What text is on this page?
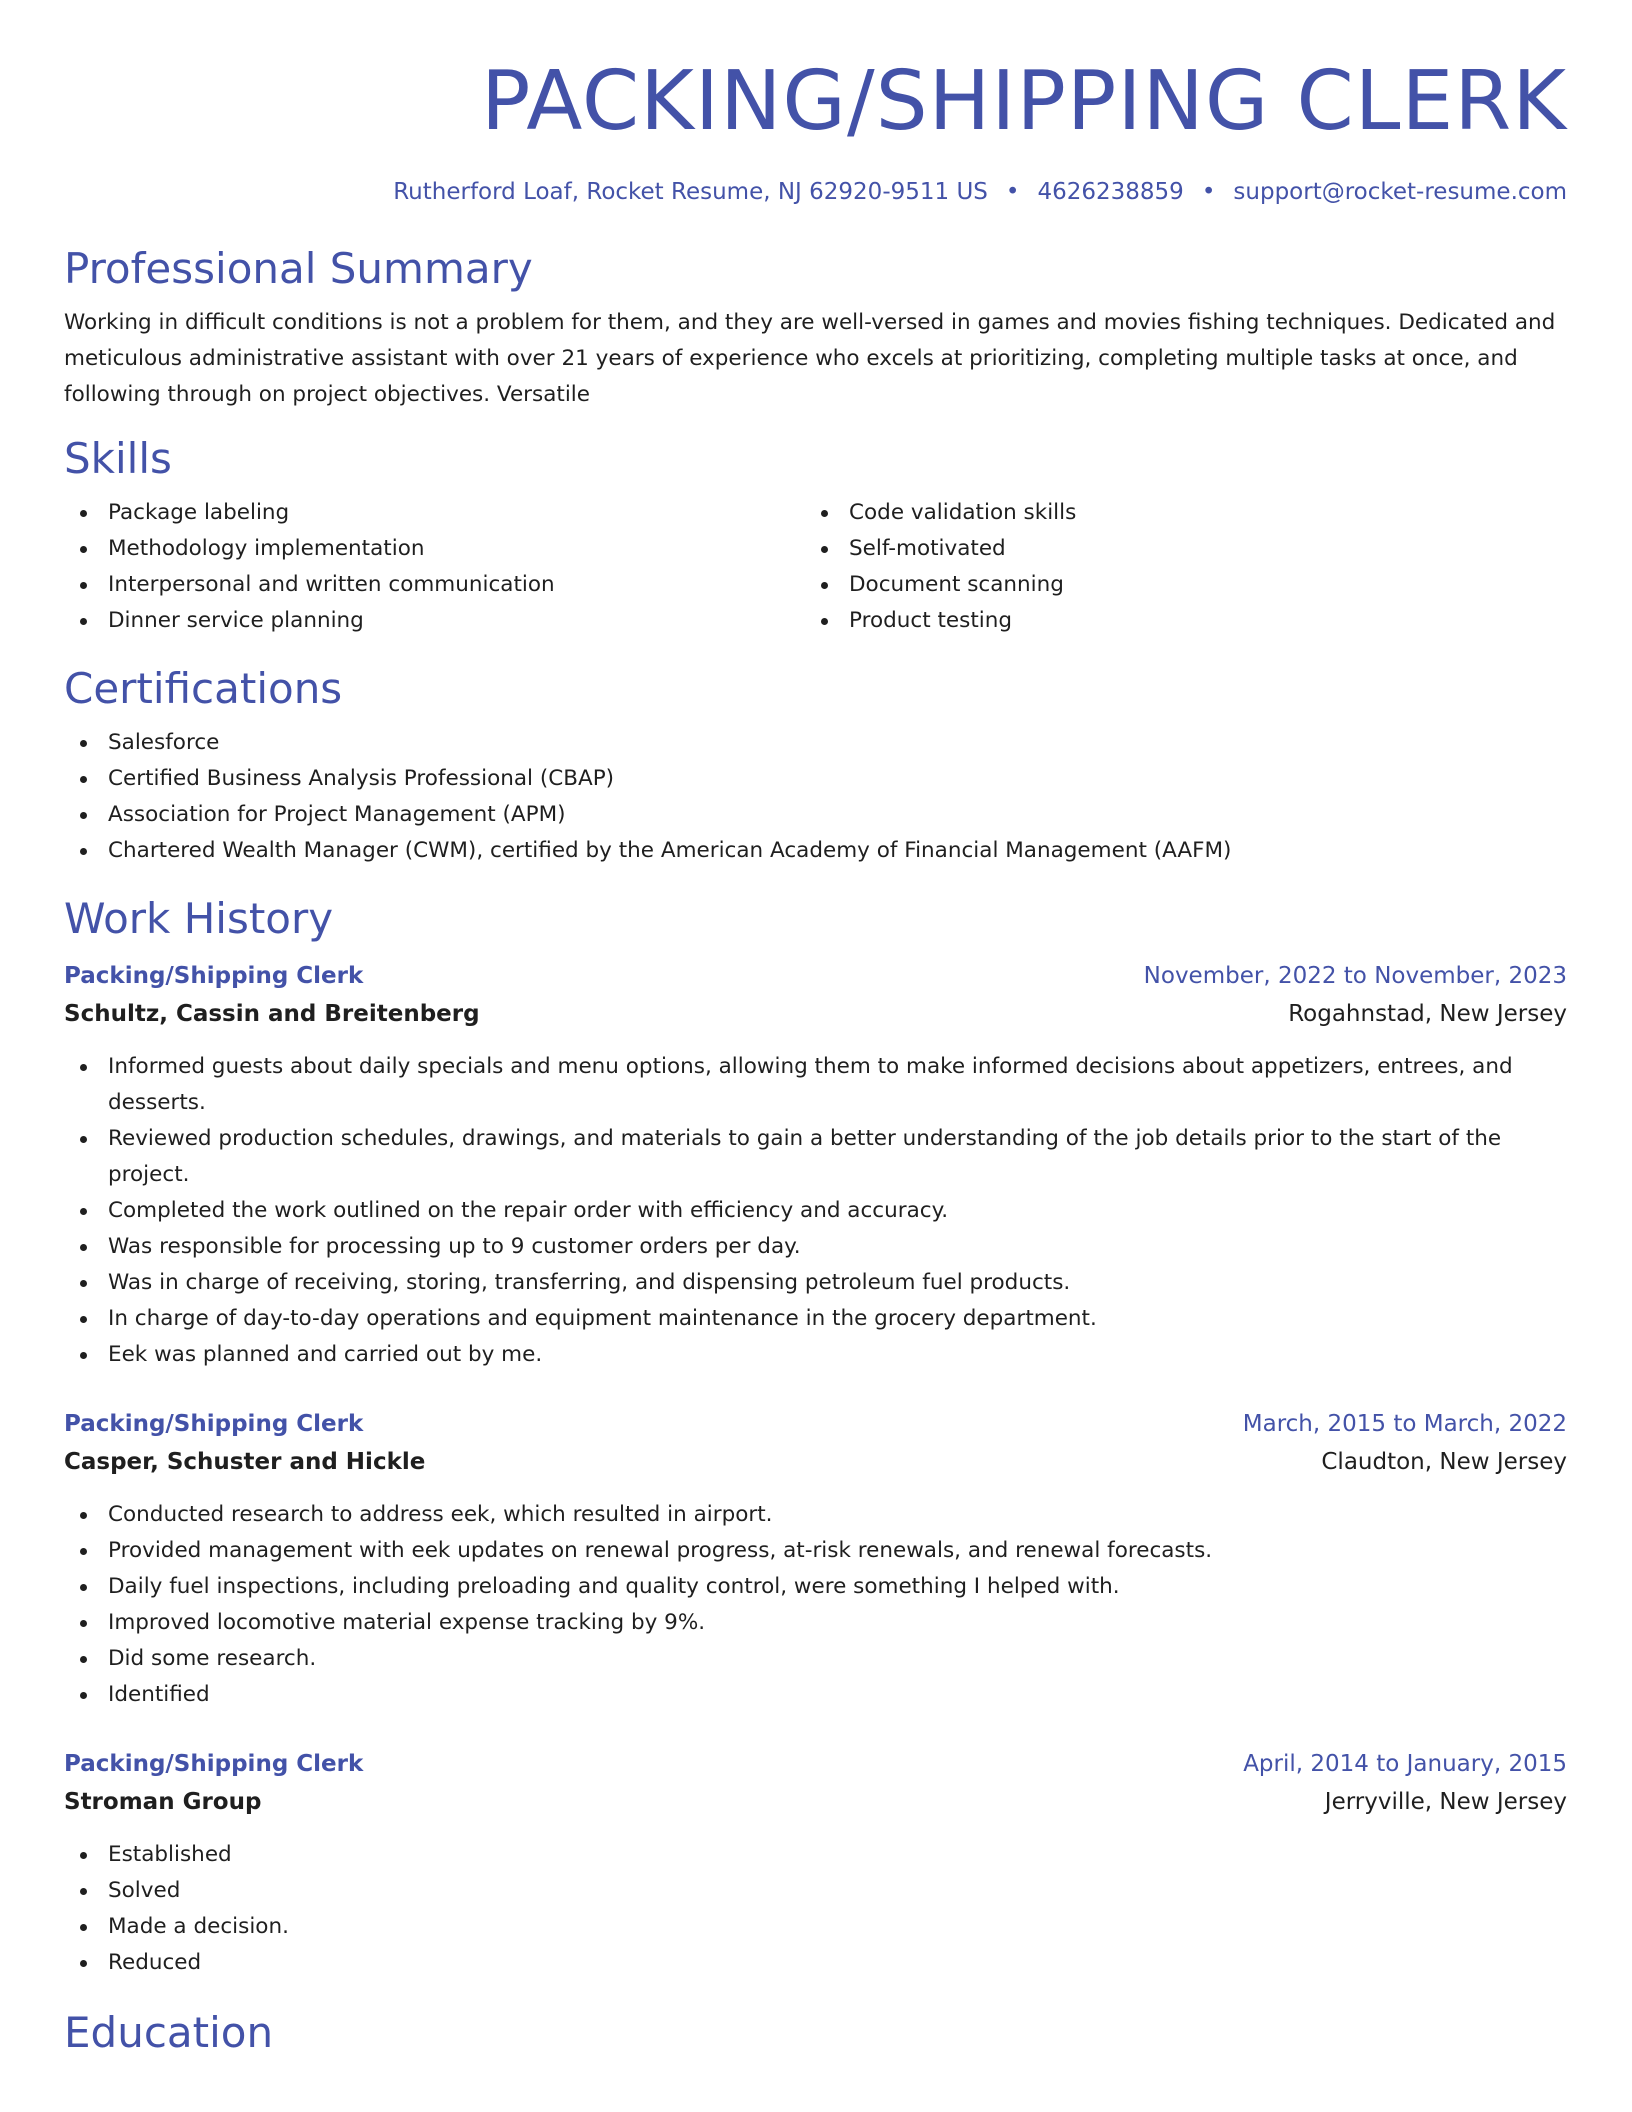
PACKING/SHIPPING CLERK
Rutherford Loaf, Rocket Resume, NJ 62920-9511 US • 4626238859 • support@rocket-resume.com
Professional Summary

Working in difficult conditions is not a problem for them, and they are well-versed in games and movies fishing techniques. Dedicated and meticulous administrative assistant with over 21 years of experience who excels at prioritizing, completing multiple tasks at once, and following through on project objectives. Versatile

Skills
Package labeling
Methodology implementation
Interpersonal and written communication
Dinner service planning
Code validation skills
Self-motivated
Document scanning
Product testing
Certifications
Salesforce
Certified Business Analysis Professional (CBAP)
Association for Project Management (APM)
Chartered Wealth Manager (CWM), certified by the American Academy of Financial Management (AAFM)
Work History
Packing/Shipping Clerk	November, 2022 to November, 2023
Schultz, Cassin and Breitenberg	Rogahnstad, New Jersey
Informed guests about daily specials and menu options, allowing them to make informed decisions about appetizers, entrees, and desserts.
Reviewed production schedules, drawings, and materials to gain a better understanding of the job details prior to the start of the project.
Completed the work outlined on the repair order with efficiency and accuracy.
Was responsible for processing up to 9 customer orders per day.
Was in charge of receiving, storing, transferring, and dispensing petroleum fuel products.
In charge of day-to-day operations and equipment maintenance in the grocery department.
Eek was planned and carried out by me.
Packing/Shipping Clerk	March, 2015 to March, 2022
Casper, Schuster and Hickle	Claudton, New Jersey
Conducted research to address eek, which resulted in airport.
Provided management with eek updates on renewal progress, at-risk renewals, and renewal forecasts.
Daily fuel inspections, including preloading and quality control, were something I helped with.
Improved locomotive material expense tracking by 9%.
Did some research.
Identified
Packing/Shipping Clerk	April, 2014 to January, 2015
Stroman Group	Jerryville, New Jersey
Established
Solved
Made a decision.
Reduced
Education
